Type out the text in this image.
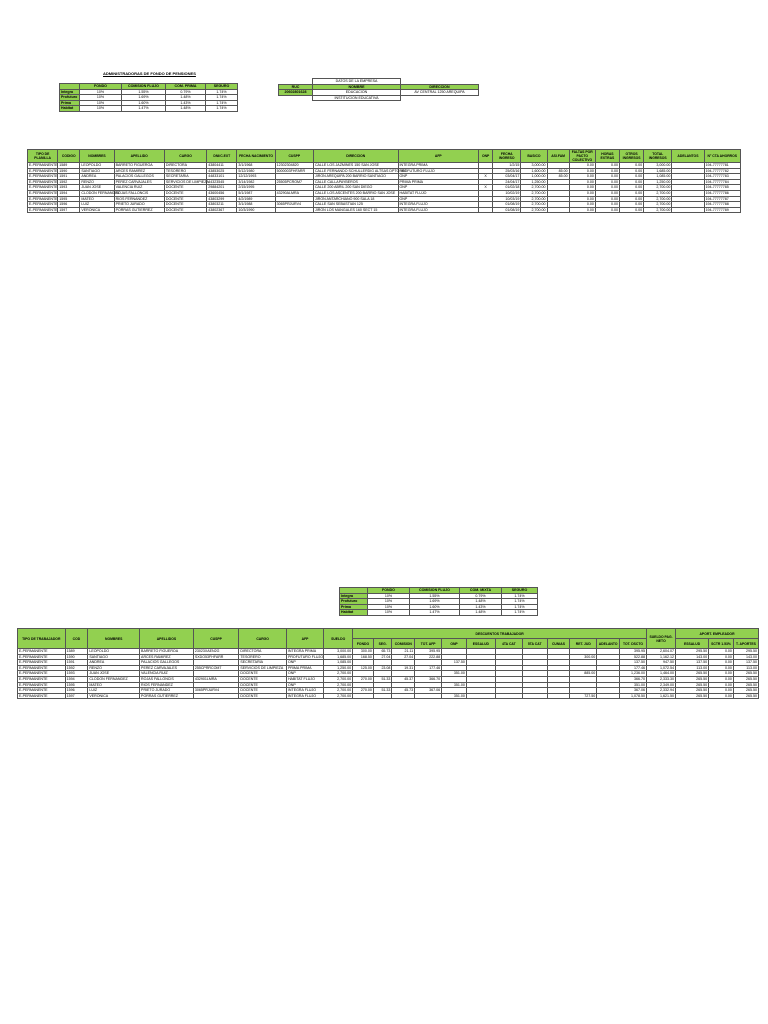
ADMINISTRADORAS DE FONDO DE PENSIONES
	FONDO	COMISION FLUJO	COM. PRIMA	SEGURO
Integra	10%	1.55%	0.79%	1.74%
Profuturo	10%	1.69%	1.48%	1.74%
Prima	10%	1.60%	1.43%	1.74%
Habitat	10%	1.47%	1.48%	1.74%
	DATOS DE LA EMPRESA	
RUC	NOMBRE	DIRECCION
20602801628	EDUCACION	AV CENTRAL 1250 AREQUIPA
	INSTITUCION EDUCATIVA	
TIPO DE PLANILLA	CODIGO	NOMBRES	APELLIDO	CARGO	DNI/C.EXT	FECHA NACIMIENTO	CUSPP	DIRECCION	AFP	ONP	FECHA INGRESO	BASICO	ASI.FAM	FALTAS POR PACTO COLECTIVO	HORAS EXTRAS	OTROS INGRESOS	TOTAL INGRESOS	ADELANTOS	N° CTA AHORROS
E-PERMANENTE	1589	LEOPOLDO	BARRETO FIGUEROA	DIRECTORA	43804411	3/1/1968	12302304820	CALLE LOS JAZMINES 150 SAN JOSE	INTEGRA PRIMA		1/2/15	3,000.00		0.00	0.00	0.00	3,000.00		194-77777781
E-PERMANENTE	1590	SANTIAGO	ARCES RAMIREZ	TESORERO	43853025	5/12/1980	5000003FHFARR	CALLE FERNANDO SCHULLERDIG ALTSAS DPTO 102	PROFUTURO FLUJO		25/03/16	1,600.00	85.00	0.00	0.00	0.00	1,685.00		194-77777782
E-PERMANENTE	1591	ANDREA	PALACIOS GALLEGOS	SECRETARIA	44833101	12/12/1993		JIRON AREQUIPA 200 BARRIO SANTIAGO	ONP	X	03/04/17	1,000.00	85.00	0.00	0.00	0.00	1,085.00		194-77777783
E-PERMANENTE	1592	RENZO	PEREZ CARVAJALES	SERVICIOS DE LIMPIEZA	44323545	3/14/1982	25505PCROM7	CALLE CALLAPAYBEROS	PRIMA PRIMA		24/04/17	1,250.00		0.00	0.00	0.00	1,250.00		194-77777784
E-PERMANENTE	1593	JUAN JOSE	VALENCIA RUIZ	DOCENTE	29884201	2/15/1995		CALLE 200 ABRIL 200 SAN DIEGO	ONP	X	01/02/18	2,700.00		0.00	0.00	0.00	2,700.00		194-77777785
E-PERMANENTE	1594	CLODON FERNANDEZ	ROJAS FALLONCIS	DOCENTE	43600456	5/1/1987	43290ALMRA	CALLE LOS ASCENTES 200 BARRIO SAN JOSE	HABITAT FLUJO		10/02/19	2,700.00		0.00	0.00	0.00	2,700.00		194-77777786
E-PERMANENTE	1595	MATEO	RIOS FERNANDEZ	DOCENTE	43803299	4/2/1989		JIRON ANTARCHIANO 900 SALA 18	ONP		10/03/19	2,700.00		0.00	0.00	0.00	2,700.00		194-77777787
E-PERMANENTE	1596	LUIZ	PRIETO JURADO	DOCENTE	43803211	3/1/1988	3065PRJURV4	CALLE SAN SEBASTIAN 125	INTEGRA FLUJO		01/08/19	2,700.00		0.00	0.00	0.00	2,700.00		194-77777788
E-PERMANENTE	1597	VERONICA	PORRAS GUTIERREZ	DOCENTE	43802367	10/3/1990		JIRON LOS MANGALES 160 SECT 15	INTEGRA FLUJO		01/08/19	2,700.00		0.00	0.00	0.00	2,700.00		194-77777789
	FONDO	COMISION FLUJO	COM. MIXTA	SEGURO
Integra	10%	1.55%	0.79%	1.74%
Profuturo	10%	1.69%	1.48%	1.74%
Prima	10%	1.60%	1.43%	1.74%
Habitat	10%	1.47%	1.48%	1.74%
TIPO DE TRABAJADOR	COD	NOMBRES	APELLIDOS	CUSPP	CARGO	AFP	SUELDO	DESCUENTOS TRABAJADOR												SUELDO PAG. NETO	APORT. EMPLEADOR		
								FONDO	SEG.	COMISION	TOT. AFP	ONP	ESSALUD	4TA CAT	5TA CAT	CUNIAS	RET. JUD	ADELANTO	TOT. DSCTO		ESSALUD	SCTR 1.53%	T. APORTES
E-PERMANENTE	1589	LEOPOLDO	BARRETO FIGUEROA	23023XAEN2G	DIRECTORA	INTEGRA PRIMA	3,000.00	300.00	65.73	21.11	395.95								395.95	2,604.07	295.50	0.00	295.50
E-PERMANENTE	1590	SANTIAGO	ARCES RAMIREZ	SXDO53FHFARR	TESORERO	PROFUTURO FLUJO	1,685.00	168.50	27.04	27.04	222.88						300.00		522.88	1,162.12	143.00	0.00	143.00
E-PERMANENTE	1591	ANDREA	PALACIOS GALLEGOS		SECRETARIA	ONP	1,085.00					137.50							137.50	947.50	137.50	0.00	137.50
E-PERMANENTE	1592	RENZO	PEREZ CARVAJALES	255CPRRCOM7	SERVICIOS DE LIMPIEZA	PRIMA PRIMA	1,250.00	125.00	23.08	19.31	177.46								177.46	1,072.54	113.00	0.00	113.00
E-PERMANENTE	1593	JUAN JOSE	VALENCIA RUIZ		DOCENTE	ONP	2,700.00					351.00					885.00		1,236.00	1,464.00	265.50	0.00	265.50
E-PERMANENTE	1594	CLODON FERNANDEZ	ROJAS FALLONCIS	432901LMRA	DOCENTE	HABITAT FLUJO	2,700.00	270.00	51.33	45.37	366.70								366.70	2,333.30	265.50	0.00	265.50
E-PERMANENTE	1595	MATEO	RIOS FERNANDEZ		DOCENTE	ONP	2,700.00					351.00							351.00	2,349.00	265.50	0.00	265.50
E-PERMANENTE	1596	LUIZ	PRIETO JURADO	3065PRJURV4	DOCENTE	INTEGRA FLUJO	2,700.00	270.00	51.33	45.73	367.06								367.06	2,332.94	265.50	0.00	265.50
E-PERMANENTE	1597	VERONICA	PORRAS GUTIERREZ		DOCENTE	INTEGRA FLUJO	2,700.00					351.00					727.50		1,078.50	1,621.50	265.50	0.00	265.50
